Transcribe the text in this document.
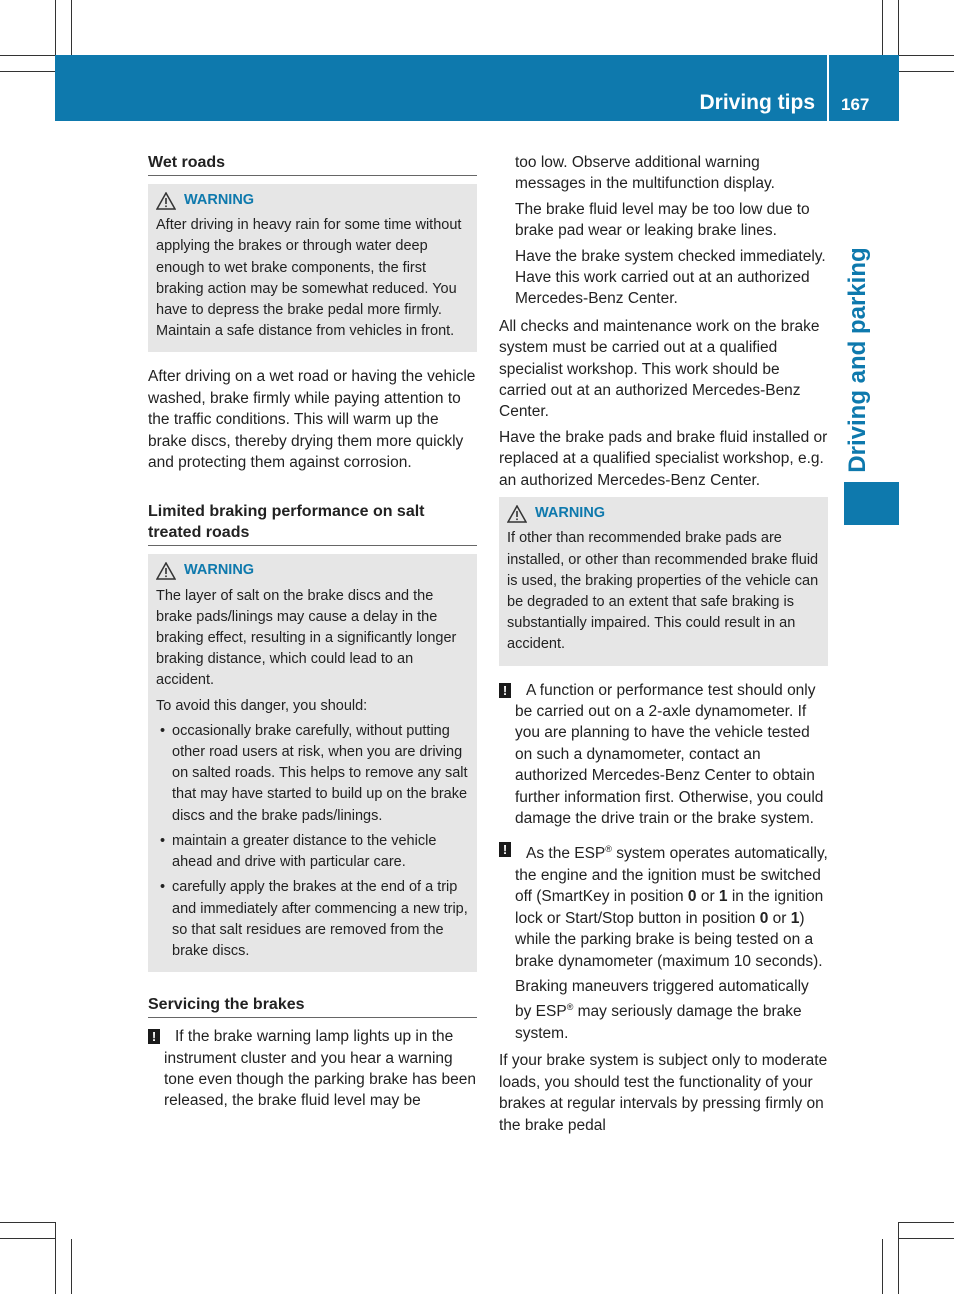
Driving tips 167
Driving and parking
Wet roads
WARNING

After driving in heavy rain for some time without applying the brakes or through water deep enough to wet brake components, the first braking action may be somewhat reduced. You have to depress the brake pedal more firmly. Maintain a safe distance from vehicles in front.

After driving on a wet road or having the vehicle washed, brake firmly while paying attention to the traffic conditions. This will warm up the brake discs, thereby drying them more quickly and protecting them against corrosion.

Limited braking performance on salt treated roads
WARNING

The layer of salt on the brake discs and the brake pads/linings may cause a delay in the braking effect, resulting in a significantly longer braking distance, which could lead to an accident.

To avoid this danger, you should:

• occasionally brake carefully, without putting other road users at risk, when you are driving on salted roads. This helps to remove any salt that may have started to build up on the brake discs and the brake pads/linings.
• maintain a greater distance to the vehicle ahead and drive with particular care.
• carefully apply the brakes at the end of a trip and immediately after commencing a new trip, so that salt residues are removed from the brake discs.
Servicing the brakes
!	If the brake warning lamp lights up in the instrument cluster and you hear a warning tone even though the parking brake has been released, the brake fluid level may be

too low. Observe additional warning messages in the multifunction display.

The brake fluid level may be too low due to brake pad wear or leaking brake lines.

Have the brake system checked immediately. Have this work carried out at an authorized Mercedes-Benz Center.

All checks and maintenance work on the brake system must be carried out at a qualified specialist workshop. This work should be carried out at an authorized Mercedes-Benz Center.

Have the brake pads and brake fluid installed or replaced at a qualified specialist workshop, e.g. an authorized Mercedes-Benz Center.

WARNING

If other than recommended brake pads are installed, or other than recommended brake fluid is used, the braking properties of the vehicle can be degraded to an extent that safe braking is substantially impaired. This could result in an accident.

!	A function or performance test should only be carried out on a 2-axle dynamometer. If you are planning to have the vehicle tested on such a dynamometer, contact an authorized Mercedes-Benz Center to obtain further information first. Otherwise, you could damage the drive train or the brake system.
!	As the ESP® system operates automatically, the engine and the ignition must be switched off (SmartKey in position 0 or 1 in the ignition lock or Start/Stop button in position 0 or 1) while the parking brake is being tested on a brake dynamometer (maximum 10 seconds).

Braking maneuvers triggered automatically by ESP® may seriously damage the brake system.

If your brake system is subject only to moderate loads, you should test the functionality of your brakes at regular intervals by pressing firmly on the brake pedal
